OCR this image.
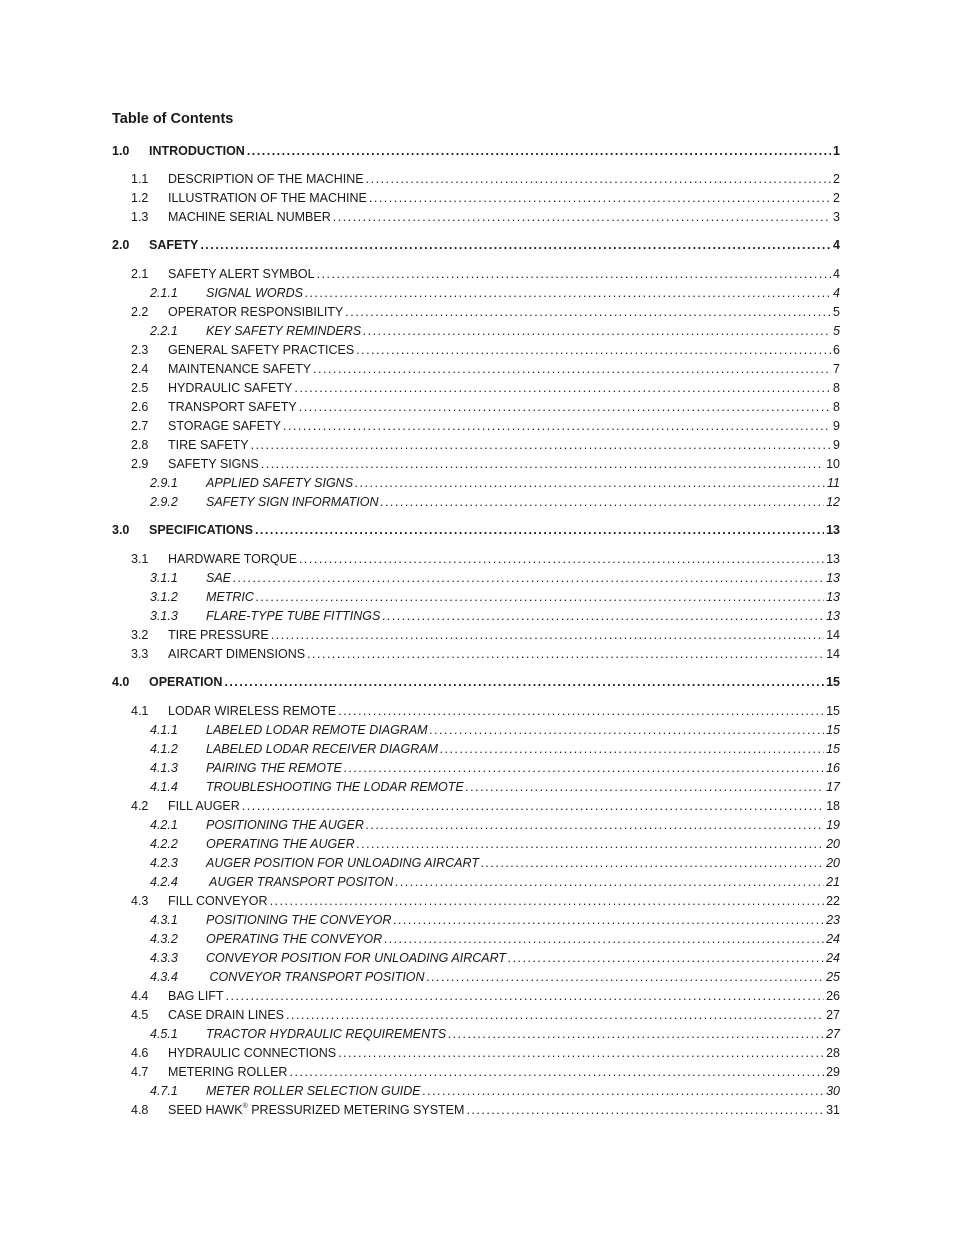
Table of Contents
1.0	INTRODUCTION .....	1
1.1	DESCRIPTION OF THE MACHINE .....	2
1.2	ILLUSTRATION OF THE MACHINE .....	2
1.3	MACHINE SERIAL NUMBER .....	3
2.0	SAFETY .....	4
2.1	SAFETY ALERT SYMBOL .....	4
2.1.1	SIGNAL WORDS .....	4
2.2	OPERATOR RESPONSIBILITY .....	5
2.2.1	KEY SAFETY REMINDERS .....	5
2.3	GENERAL SAFETY PRACTICES .....	6
2.4	MAINTENANCE SAFETY .....	7
2.5	HYDRAULIC SAFETY .....	8
2.6	TRANSPORT SAFETY .....	8
2.7	STORAGE SAFETY .....	9
2.8	TIRE SAFETY .....	9
2.9	SAFETY SIGNS .....	10
2.9.1	APPLIED SAFETY SIGNS .....	11
2.9.2	SAFETY SIGN INFORMATION .....	12
3.0	SPECIFICATIONS .....	13
3.1	HARDWARE TORQUE .....	13
3.1.1	SAE .....	13
3.1.2	METRIC .....	13
3.1.3	FLARE-TYPE TUBE FITTINGS .....	13
3.2	TIRE PRESSURE .....	14
3.3	AIRCART DIMENSIONS .....	14
4.0	OPERATION .....	15
4.1	LODAR WIRELESS REMOTE .....	15
4.1.1	LABELED LODAR REMOTE DIAGRAM .....	15
4.1.2	LABELED LODAR RECEIVER DIAGRAM .....	15
4.1.3	PAIRING THE REMOTE .....	16
4.1.4	TROUBLESHOOTING THE LODAR REMOTE .....	17
4.2	FILL AUGER .....	18
4.2.1	POSITIONING THE AUGER .....	19
4.2.2	OPERATING THE AUGER .....	20
4.2.3	AUGER POSITION FOR UNLOADING AIRCART .....	20
4.2.4	AUGER TRANSPORT POSITON .....	21
4.3	FILL CONVEYOR .....	22
4.3.1	POSITIONING THE CONVEYOR .....	23
4.3.2	OPERATING THE CONVEYOR .....	24
4.3.3	CONVEYOR POSITION FOR UNLOADING AIRCART .....	24
4.3.4	CONVEYOR TRANSPORT POSITION .....	25
4.4	BAG LIFT .....	26
4.5	CASE DRAIN LINES .....	27
4.5.1	TRACTOR HYDRAULIC REQUIREMENTS .....	27
4.6	HYDRAULIC CONNECTIONS .....	28
4.7	METERING ROLLER .....	29
4.7.1	METER ROLLER SELECTION GUIDE .....	30
4.8	SEED HAWK® PRESSURIZED METERING SYSTEM .....	31
